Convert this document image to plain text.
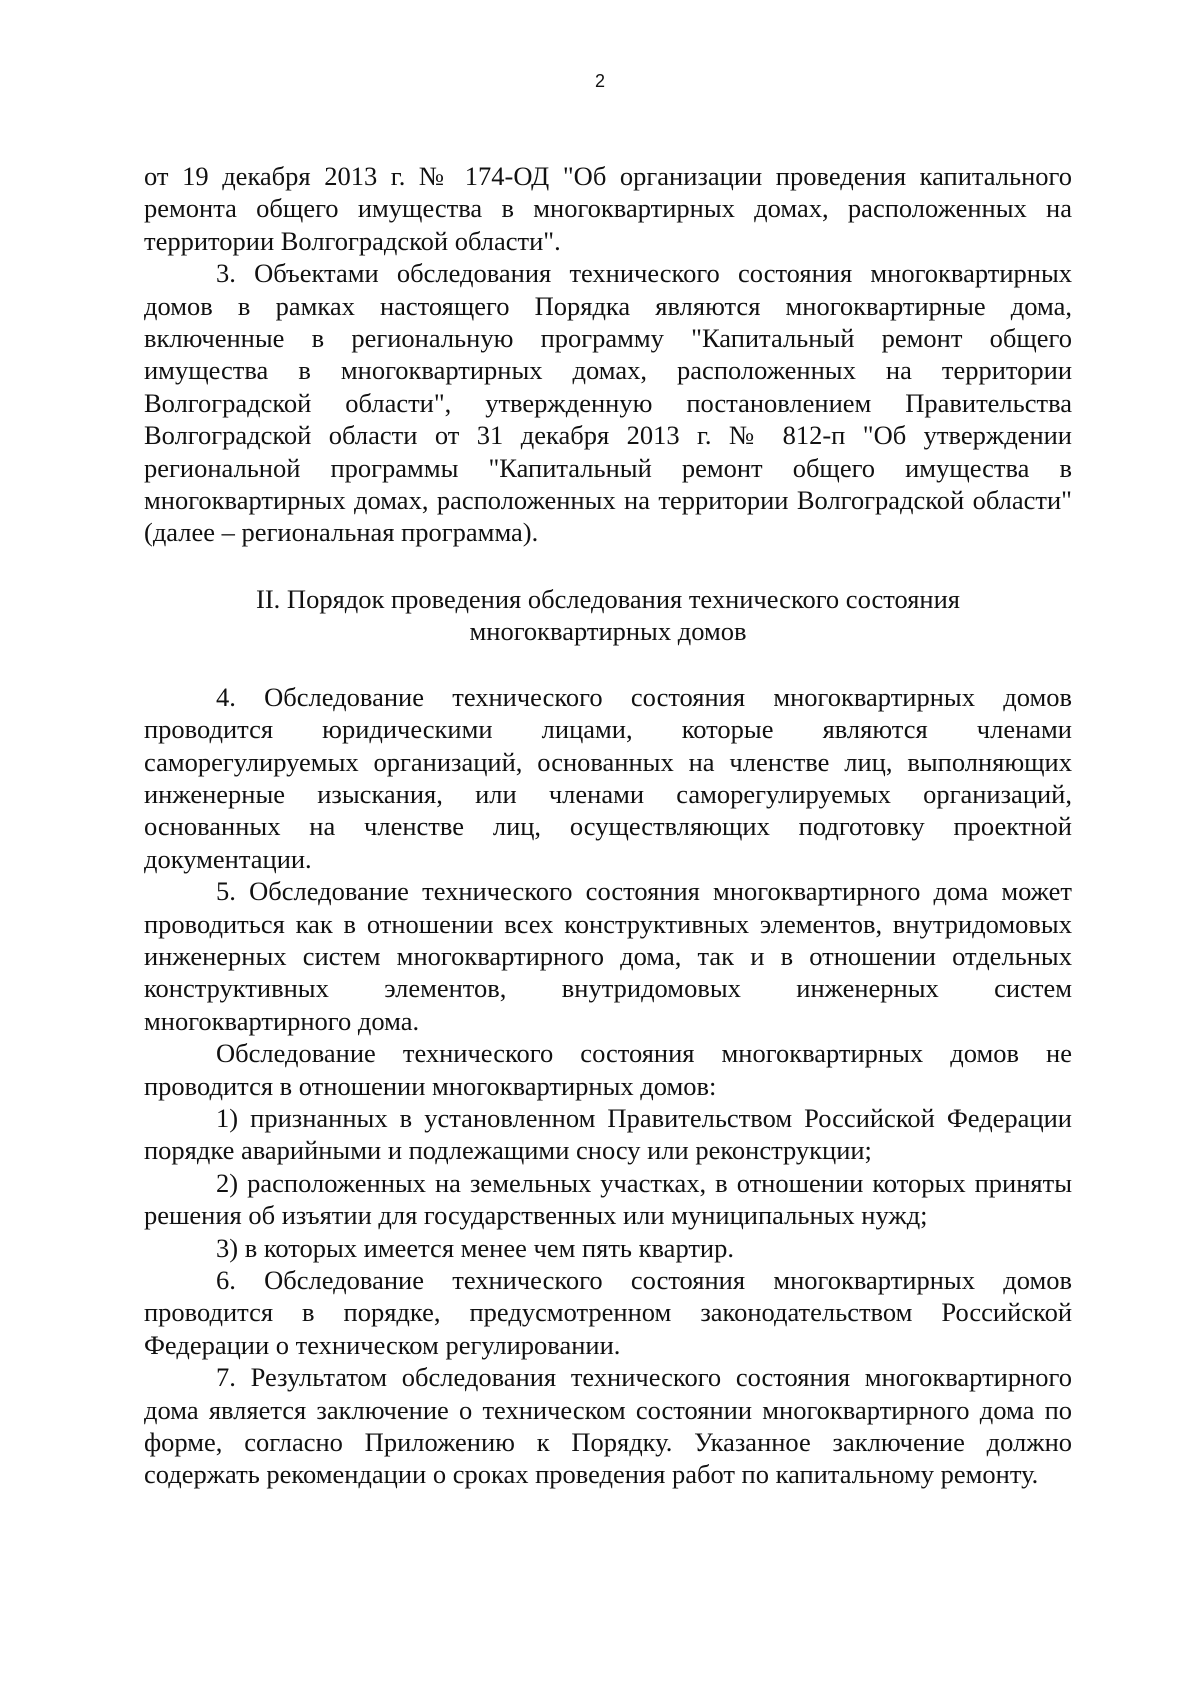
2

от 19 декабря 2013 г. № 174-ОД "Об организации проведения капитального ремонта общего имущества в многоквартирных домах, расположенных на территории Волгоградской области".

3. Объектами обследования технического состояния многоквартирных домов в рамках настоящего Порядка являются многоквартирные дома, включенные в региональную программу "Капитальный ремонт общего имущества в многоквартирных домах, расположенных на территории Волгоградской области", утвержденную постановлением Правительства Волгоградской области от 31 декабря 2013 г. № 812-п "Об утверждении региональной программы "Капитальный ремонт общего имущества в многоквартирных домах, расположенных на территории Волгоградской области" (далее – региональная программа).

II. Порядок проведения обследования технического состояния
многоквартирных домов

4. Обследование технического состояния многоквартирных домов проводится юридическими лицами, которые являются членами саморегулируемых организаций, основанных на членстве лиц, выполняющих инженерные изыскания, или членами саморегулируемых организаций, основанных на членстве лиц, осуществляющих подготовку проектной документации.

5. Обследование технического состояния многоквартирного дома может проводиться как в отношении всех конструктивных элементов, внутридомовых инженерных систем многоквартирного дома, так и в отношении отдельных конструктивных элементов, внутридомовых инженерных систем многоквартирного дома.

Обследование технического состояния многоквартирных домов не проводится в отношении многоквартирных домов:

1) признанных в установленном Правительством Российской Федерации порядке аварийными и подлежащими сносу или реконструкции;

2) расположенных на земельных участках, в отношении которых приняты решения об изъятии для государственных или муниципальных нужд;

3) в которых имеется менее чем пять квартир.

6. Обследование технического состояния многоквартирных домов проводится в порядке, предусмотренном законодательством Российской Федерации о техническом регулировании.

7. Результатом обследования технического состояния многоквартирного дома является заключение о техническом состоянии многоквартирного дома по форме, согласно Приложению к Порядку. Указанное заключение должно содержать рекомендации о сроках проведения работ по капитальному ремонту.
